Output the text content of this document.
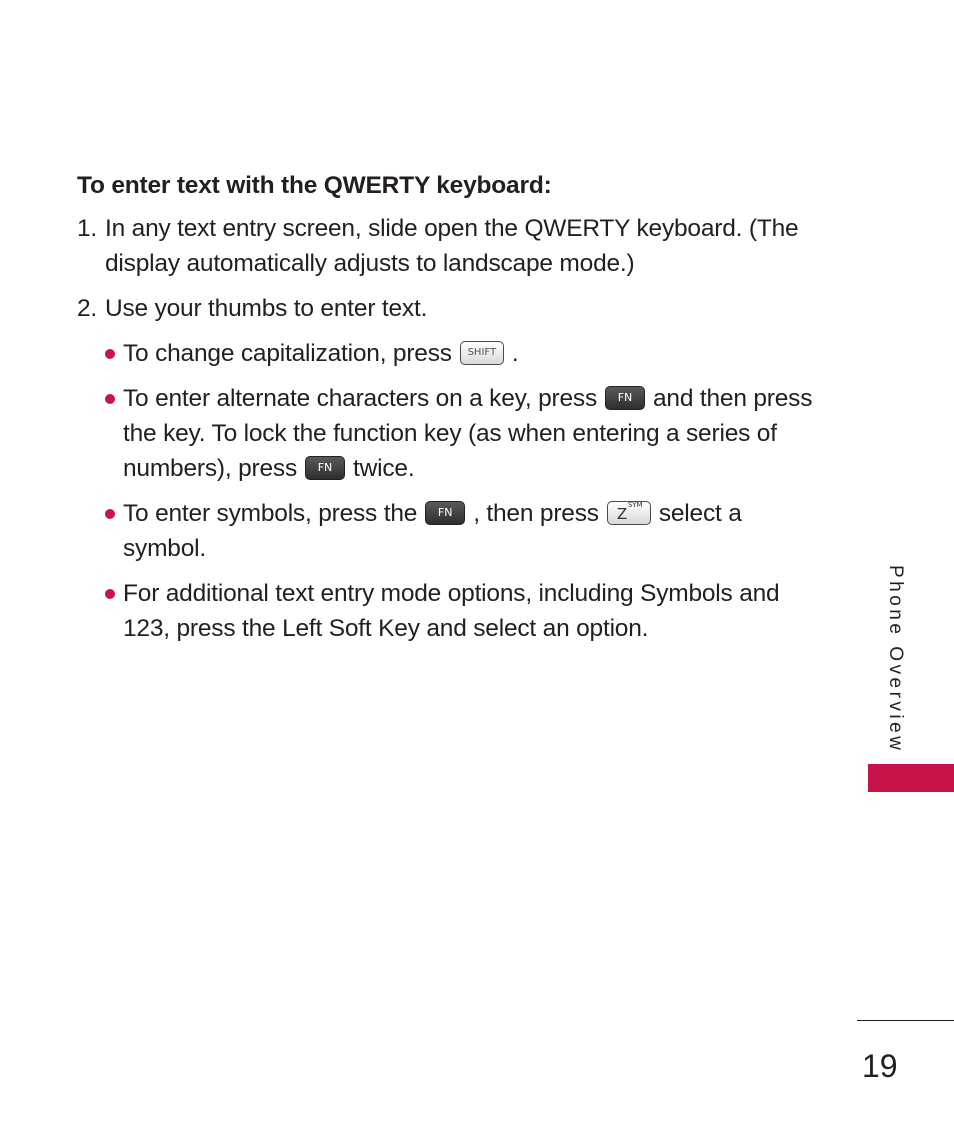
To enter text with the QWERTY keyboard:

1. In any text entry screen, slide open the QWERTY keyboard. (The display automatically adjusts to landscape mode.)

2. Use your thumbs to enter text.

To change capitalization, press SHIFT .

To enter alternate characters on a key, press FN and then press the key. To lock the function key (as when entering a series of numbers), press FN twice.

To enter symbols, press the FN , then press Z SYM select a symbol.

For additional text entry mode options, including Symbols and 123, press the Left Soft Key and select an option.	Phone Overview
19
